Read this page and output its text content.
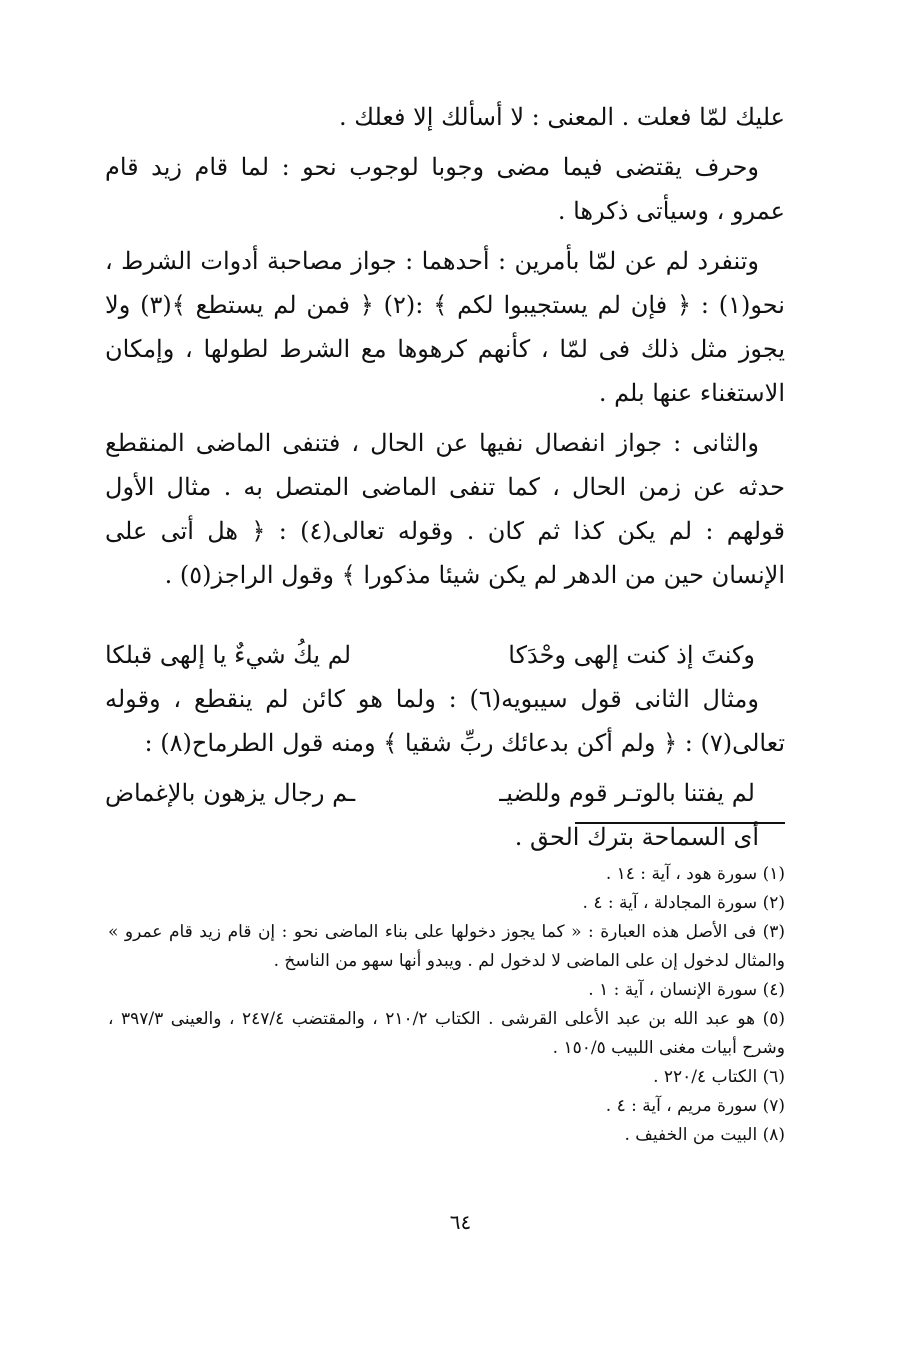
عليك لمّا فعلت . المعنى : لا أسألك إلا فعلك .

وحرف يقتضى فيما مضى وجوبا لوجوب نحو : لما قام زيد قام عمرو ، وسيأتى ذكرها .

وتنفرد لم عن لمّا بأمرين : أحدهما : جواز مصاحبة أدوات الشرط ، نحو(١) : ﴿ فإن لم يستجيبوا لكم ﴾ :(٢) ﴿ فمن لم يستطع ﴾(٣) ولا يجوز مثل ذلك فى لمّا ، كأنهم كرهوها مع الشرط لطولها ، وإمكان الاستغناء عنها بلم .

والثانى : جواز انفصال نفيها عن الحال ، فتنفى الماضى المنقطع حدثه عن زمن الحال ، كما تنفى الماضى المتصل به . مثال الأول قولهم : لم يكن كذا ثم كان . وقوله تعالى(٤) : ﴿ هل أتى على الإنسان حين من الدهر لم يكن شيئا مذكورا ﴾ وقول الراجز(٥) .

وكنتَ إذ كنت إلهى وحْدَكا
لم يكُ شيءٌ يا إلهى قبلكا

ومثال الثانى قول سيبويه(٦) : ولما هو كائن لم ينقطع ، وقوله تعالى(٧) : ﴿ ولم أكن بدعائك ربِّ شقيا ﴾ ومنه قول الطرماح(٨) :

لم يفتنا بالوتـر قوم وللضيـ
ـم رجال يزهون بالإغماض

أى السماحة بترك الحق .

(١) سورة هود ، آية : ١٤ .

(٢) سورة المجادلة ، آية : ٤ .

(٣) فى الأصل هذه العبارة : « كما يجوز دخولها على بناء الماضى نحو : إن قام زيد قام عمرو » والمثال لدخول إن على الماضى لا لدخول لم . ويبدو أنها سهو من الناسخ .

(٤) سورة الإنسان ، آية : ١ .

(٥) هو عبد الله بن عبد الأعلى القرشى . الكتاب ٢١٠/٢ ، والمقتضب ٢٤٧/٤ ، والعينى ٣٩٧/٣ ، وشرح أبيات مغنى اللبيب ١٥٠/٥ .

(٦) الكتاب ٢٢٠/٤ .

(٧) سورة مريم ، آية : ٤ .

(٨) البيت من الخفيف .

٦٤
